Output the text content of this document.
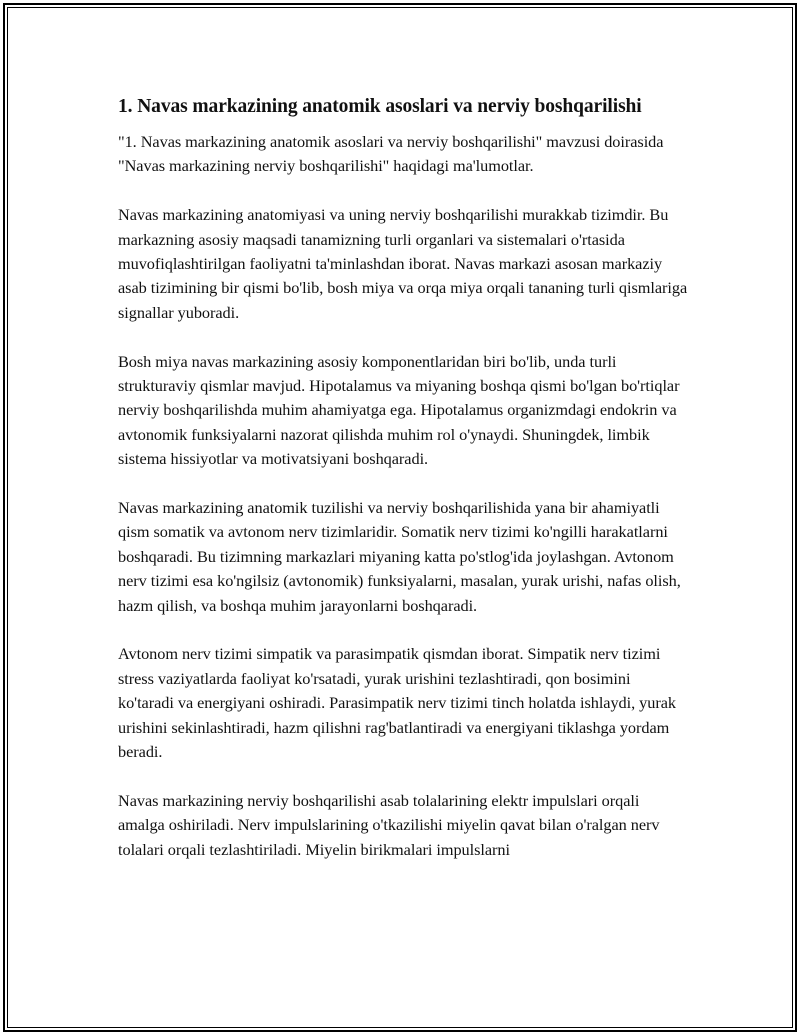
1. Navas markazining anatomik asoslari va nerviy boshqarilishi

"1. Navas markazining anatomik asoslari va nerviy boshqarilishi" mavzusi doirasida "Navas markazining nerviy boshqarilishi" haqidagi ma'lumotlar.

Navas markazining anatomiyasi va uning nerviy boshqarilishi murakkab tizimdir. Bu markazning asosiy maqsadi tanamizning turli organlari va sistemalari o'rtasida muvofiqlashtirilgan faoliyatni ta'minlashdan iborat. Navas markazi asosan markaziy asab tizimining bir qismi bo'lib, bosh miya va orqa miya orqali tananing turli qismlariga signallar yuboradi.

Bosh miya navas markazining asosiy komponentlaridan biri bo'lib, unda turli strukturaviy qismlar mavjud. Hipotalamus va miyaning boshqa qismi bo'lgan bo'rtiqlar nerviy boshqarilishda muhim ahamiyatga ega. Hipotalamus organizmdagi endokrin va avtonomik funksiyalarni nazorat qilishda muhim rol o'ynaydi. Shuningdek, limbik sistema hissiyotlar va motivatsiyani boshqaradi.

Navas markazining anatomik tuzilishi va nerviy boshqarilishida yana bir ahamiyatli qism somatik va avtonom nerv tizimlaridir. Somatik nerv tizimi ko'ngilli harakatlarni boshqaradi. Bu tizimning markazlari miyaning katta po'stlog'ida joylashgan. Avtonom nerv tizimi esa ko'ngilsiz (avtonomik) funksiyalarni, masalan, yurak urishi, nafas olish, hazm qilish, va boshqa muhim jarayonlarni boshqaradi.

Avtonom nerv tizimi simpatik va parasimpatik qismdan iborat. Simpatik nerv tizimi stress vaziyatlarda faoliyat ko'rsatadi, yurak urishini tezlashtiradi, qon bosimini ko'taradi va energiyani oshiradi. Parasimpatik nerv tizimi tinch holatda ishlaydi, yurak urishini sekinlashtiradi, hazm qilishni rag'batlantiradi va energiyani tiklashga yordam beradi.

Navas markazining nerviy boshqarilishi asab tolalarining elektr impulslari orqali amalga oshiriladi. Nerv impulslarining o'tkazilishi miyelin qavat bilan o'ralgan nerv tolalari orqali tezlashtiriladi. Miyelin birikmalari impulslarni
